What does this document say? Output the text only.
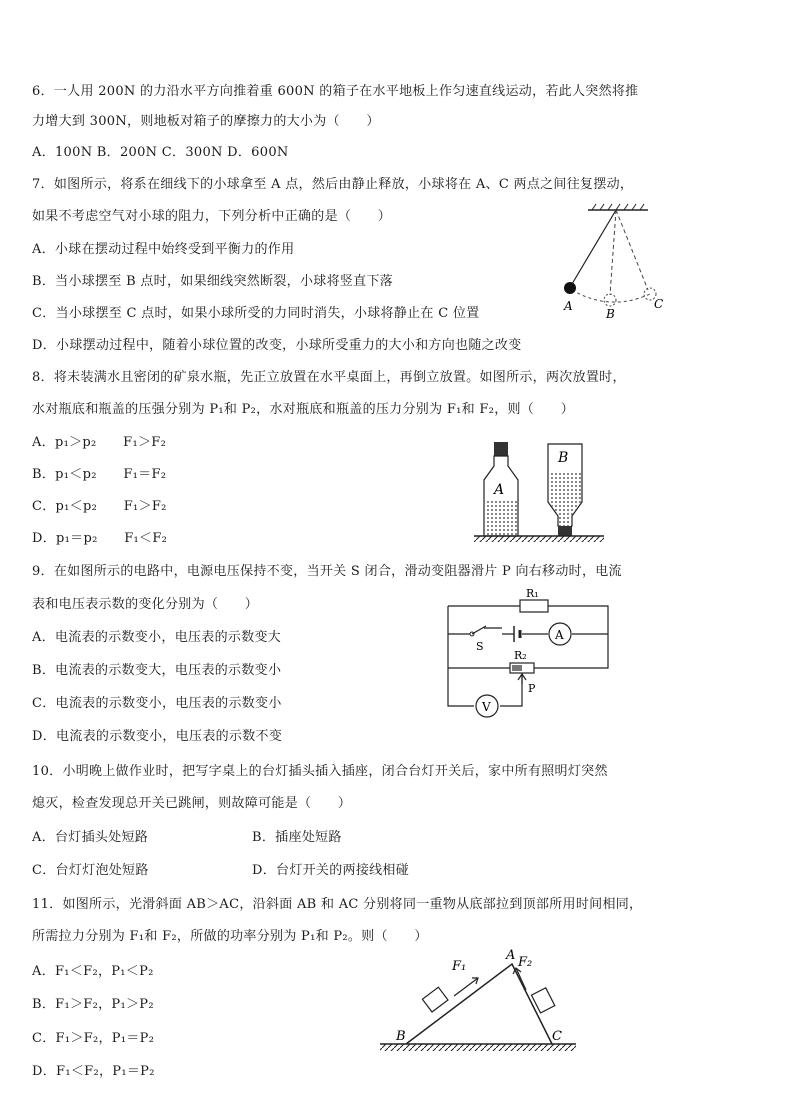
6．一人用 200N 的力沿水平方向推着重 600N 的箱子在水平地板上作匀速直线运动，若此人突然将推
力增大到 300N，则地板对箱子的摩擦力的大小为（　　）
A．100N B．200N C．300N D．600N
7．如图所示，将系在细线下的小球拿至 A 点，然后由静止释放，小球将在 A、C 两点之间往复摆动，
如果不考虑空气对小球的阻力，下列分析中正确的是（　　）
A．小球在摆动过程中始终受到平衡力的作用
B．当小球摆至 B 点时，如果细线突然断裂，小球将竖直下落
C．当小球摆至 C 点时，如果小球所受的力同时消失，小球将静止在 C 位置
D．小球摆动过程中，随着小球位置的改变，小球所受重力的大小和方向也随之改变
A
B
C
8．将未装满水且密闭的矿泉水瓶，先正立放置在水平桌面上，再倒立放置。如图所示，两次放置时，
水对瓶底和瓶盖的压强分别为 P₁和 P₂，水对瓶底和瓶盖的压力分别为 F₁和 F₂，则（　　）
A．p₁＞p₂　　F₁＞F₂
B．p₁＜p₂　　F₁＝F₂
C．p₁＜p₂　　F₁＞F₂
D．p₁＝p₂　　F₁＜F₂
A
B
9．在如图所示的电路中，电源电压保持不变，当开关 S 闭合，滑动变阻器滑片 P 向右移动时，电流
表和电压表示数的变化分别为（　　）
A．电流表的示数变小，电压表的示数变大
B．电流表的示数变大，电压表的示数变小
C．电流表的示数变小，电压表的示数变小
D．电流表的示数变小，电压表的示数不变
R₁
S
A
R₂
P
V
10．小明晚上做作业时，把写字桌上的台灯插头插入插座，闭合台灯开关后，家中所有照明灯突然
熄灭，检查发现总开关已跳闸，则故障可能是（　　）
A．台灯插头处短路	B．插座处短路
C．台灯灯泡处短路	D．台灯开关的两接线相碰
11．如图所示，光滑斜面 AB＞AC，沿斜面 AB 和 AC 分别将同一重物从底部拉到顶部所用时间相同，
所需拉力分别为 F₁和 F₂，所做的功率分别为 P₁和 P₂。则（　　）
A．F₁＜F₂，P₁＜P₂
B．F₁＞F₂，P₁＞P₂
C．F₁＞F₂，P₁＝P₂
D．F₁＜F₂，P₁＝P₂
F₁	F₂
A
B	C
